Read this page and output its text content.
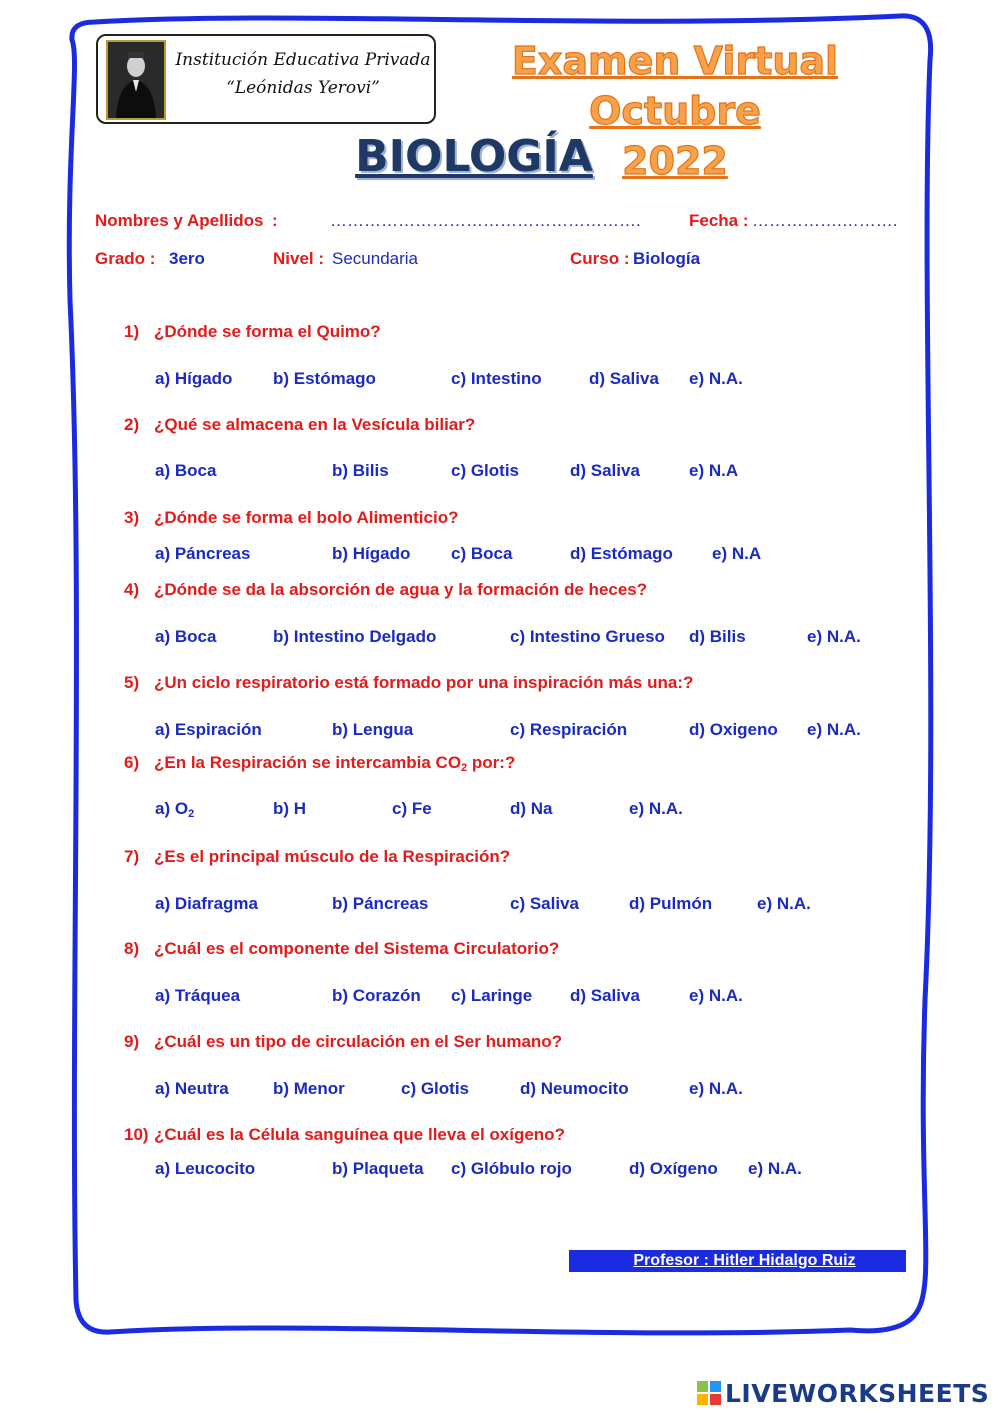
Institución Educativa Privada
“Leónidas Yerovi”
Examen Virtual Octubre
2022
BIOLOGÍA
Nombres y Apellidos :	……………………………………………….	Fecha : …………….……….
Grado : 3ero	Nivel : Secundaria	Curso : Biología
1) ¿Dónde se forma el Quimo?
a) Hígado b) Estómago	c) Intestino	d) Saliva e) N.A.
2) ¿Qué se almacena en la Vesícula biliar?
a) Boca	b) Bilis	c) Glotis	d) Saliva	e) N.A
3) ¿Dónde se forma el bolo Alimenticio?
a) Páncreas	b) Hígado c) Boca	d) Estómago e) N.A
4) ¿Dónde se da la absorción de agua y la formación de heces?
a) Boca	b) Intestino Delgado	c) Intestino Grueso d) Bilis	e) N.A.
5) ¿Un ciclo respiratorio está formado por una inspiración más una:?
a) Espiración	b) Lengua	c) Respiración	d) Oxigeno e) N.A.
6) ¿En la Respiración se intercambia $CO_2$ por:?
a) $O_2$	b) H	c) Fe	d) Na	e) N.A.
7) ¿Es el principal músculo de la Respiración?
a) Diafragma	b) Páncreas	c) Saliva	d) Pulmón	e) N.A.
8) ¿Cuál es el componente del Sistema Circulatorio?
a) Tráquea	b) Corazón c) Laringe d) Saliva	e) N.A.
9) ¿Cuál es un tipo de circulación en el Ser humano?
a) Neutra	b) Menor	c) Glotis	d) Neumocito	e) N.A.
10) ¿Cuál es la Célula sanguínea que lleva el oxígeno?
a) Leucocito	b) Plaqueta c) Glóbulo rojo	d) Oxígeno e) N.A.
Profesor : Hitler Hidalgo Ruiz
LIVEWORKSHEETS
